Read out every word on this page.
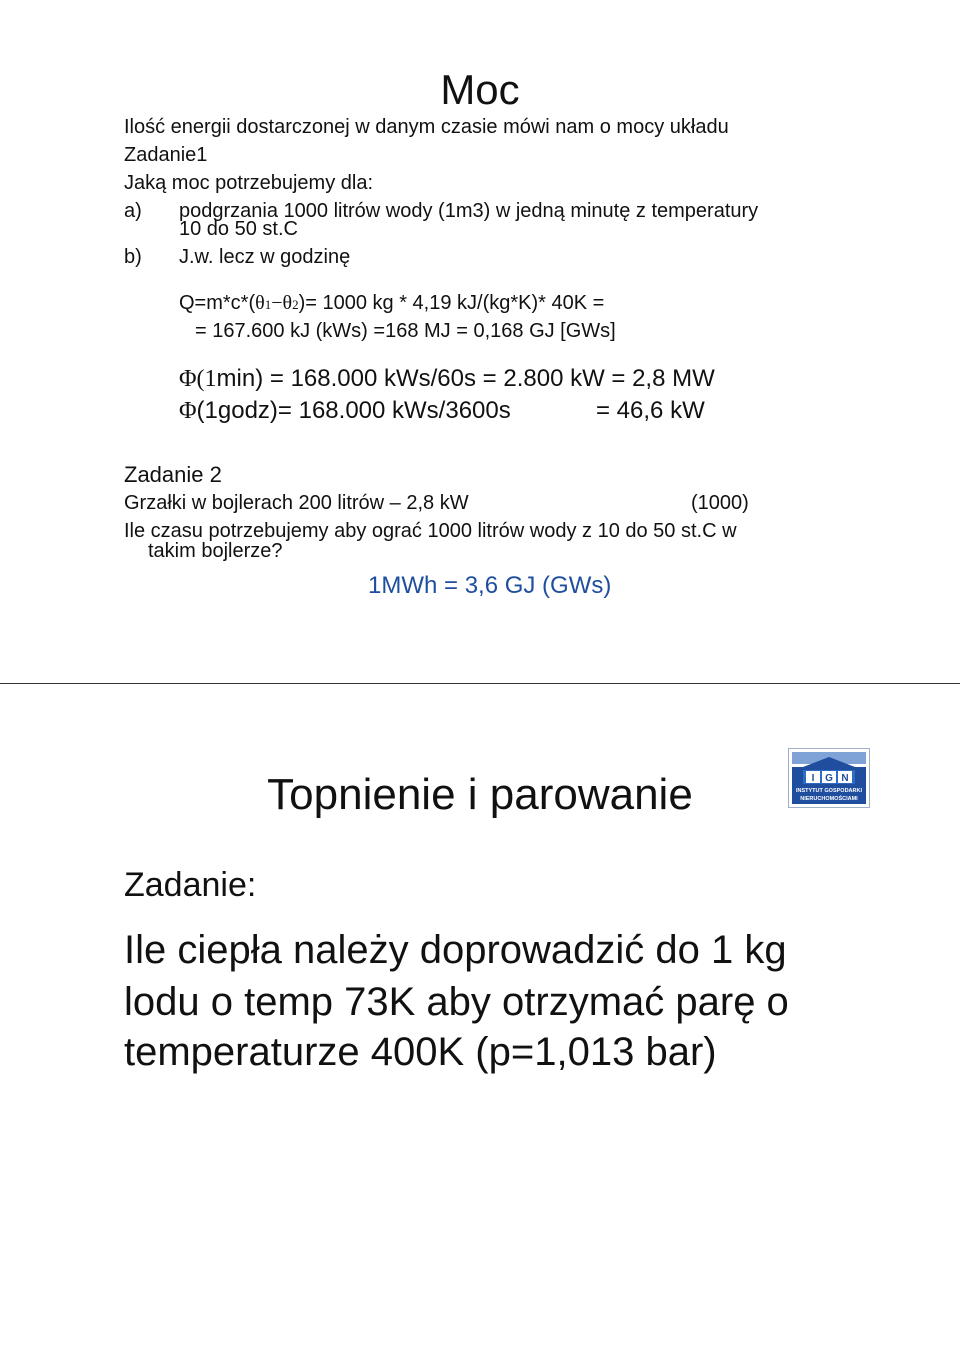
Moc
Ilość energii dostarczonej w danym czasie mówi nam o mocy układu
Zadanie1
Jaką moc potrzebujemy dla:
a) podgrzania 1000 litrów wody (1m3) w jedną minutę z temperatury
10 do 50 st.C
b) J.w. lecz w godzinę
Q=m*c*(θ1−θ2)= 1000 kg * 4,19 kJ/(kg*K)* 40K =
= 167.600 kJ (kWs) =168 MJ = 0,168 GJ [GWs]
Φ(1min) = 168.000 kWs/60s = 2.800 kW = 2,8 MW
Φ(1godz)= 168.000 kWs/3600s	= 46,6 kW
Zadanie 2
Grzałki w bojlerach 200 litrów – 2,8 kW	(1000)
Ile czasu potrzebujemy aby ograć 1000 litrów wody z 10 do 50 st.C w
takim bojlerze?
1MWh = 3,6 GJ (GWs)
Topnienie i parowanie	I G N
INSTYTUT GOSPODARKI
NIERUCHOMOŚCIAMI
Zadanie:
Ile ciepła należy doprowadzić do 1 kg
lodu o temp 73K aby otrzymać parę o
temperaturze 400K (p=1,013 bar)
